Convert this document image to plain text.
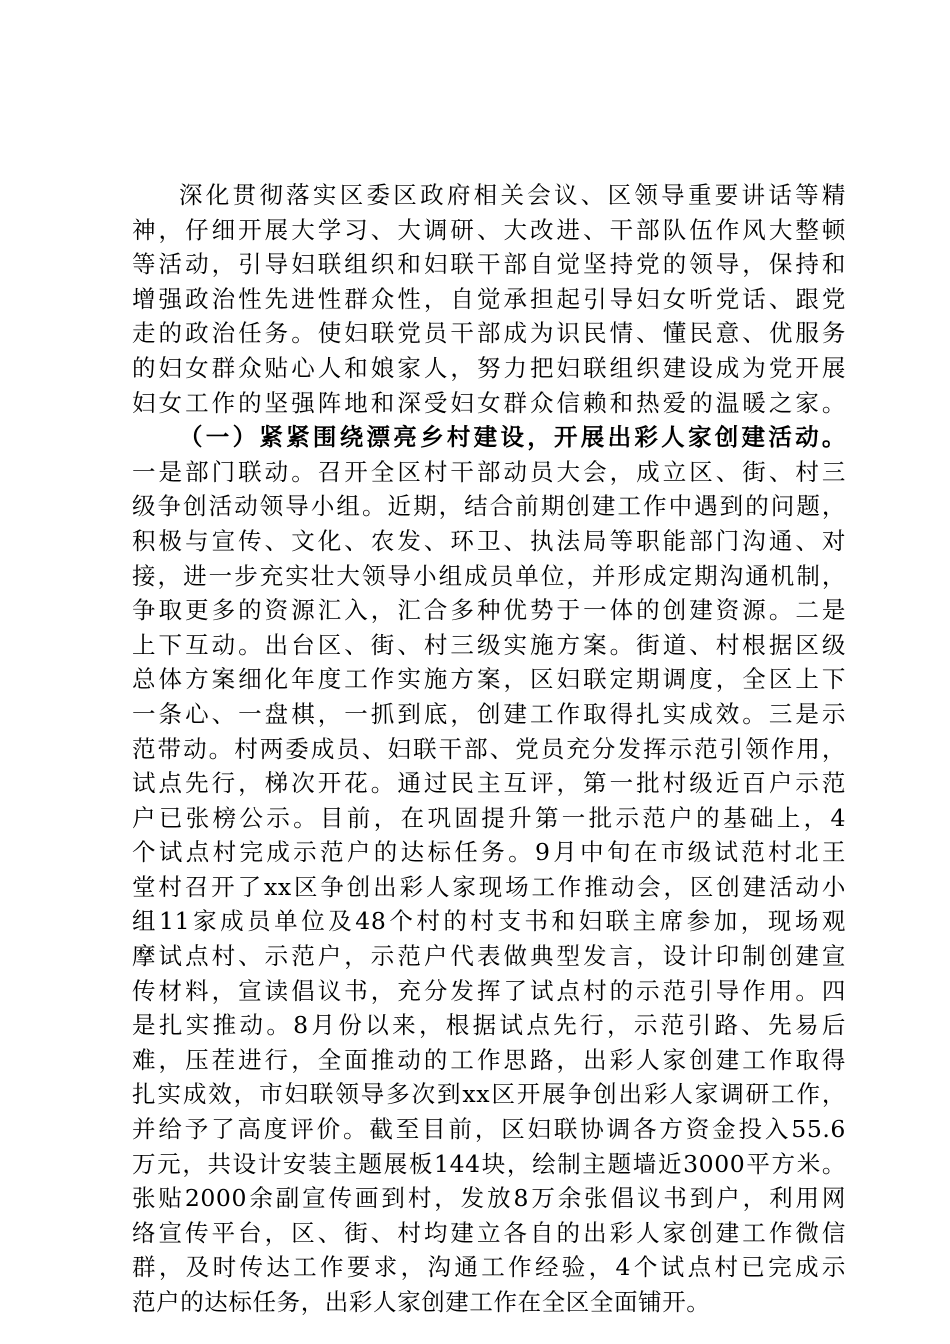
深化贯彻落实区委区政府相关会议、区领导重要讲话等精
神，仔细开展大学习、大调研、大改进、干部队伍作风大整顿
等活动，引导妇联组织和妇联干部自觉坚持党的领导，保持和
增强政治性先进性群众性，自觉承担起引导妇女听党话、跟党
走的政治任务。使妇联党员干部成为识民情、懂民意、优服务
的妇女群众贴心人和娘家人，努力把妇联组织建设成为党开展
妇女工作的坚强阵地和深受妇女群众信赖和热爱的温暖之家。
（一）紧紧围绕漂亮乡村建设，开展出彩人家创建活动。
一是部门联动。召开全区村干部动员大会，成立区、街、村三
级争创活动领导小组。近期，结合前期创建工作中遇到的问题，
积极与宣传、文化、农发、环卫、执法局等职能部门沟通、对
接，进一步充实壮大领导小组成员单位，并形成定期沟通机制，
争取更多的资源汇入，汇合多种优势于一体的创建资源。二是
上下互动。出台区、街、村三级实施方案。街道、村根据区级
总体方案细化年度工作实施方案，区妇联定期调度，全区上下
一条心、一盘棋，一抓到底，创建工作取得扎实成效。三是示
范带动。村两委成员、妇联干部、党员充分发挥示范引领作用，
试点先行，梯次开花。通过民主互评，第一批村级近百户示范
户已张榜公示。目前，在巩固提升第一批示范户的基础上，4
个试点村完成示范户的达标任务。9月中旬在市级试范村北王
堂村召开了xx区争创出彩人家现场工作推动会，区创建活动小
组11家成员单位及48个村的村支书和妇联主席参加，现场观
摩试点村、示范户，示范户代表做典型发言，设计印制创建宣
传材料，宣读倡议书，充分发挥了试点村的示范引导作用。四
是扎实推动。8月份以来，根据试点先行，示范引路、先易后
难，压茬进行，全面推动的工作思路，出彩人家创建工作取得
扎实成效，市妇联领导多次到xx区开展争创出彩人家调研工作，
并给予了高度评价。截至目前，区妇联协调各方资金投入55.6
万元，共设计安装主题展板144块，绘制主题墙近3000平方米。
张贴2000余副宣传画到村，发放8万余张倡议书到户，利用网
络宣传平台，区、街、村均建立各自的出彩人家创建工作微信
群，及时传达工作要求，沟通工作经验，4个试点村已完成示
范户的达标任务，出彩人家创建工作在全区全面铺开。
